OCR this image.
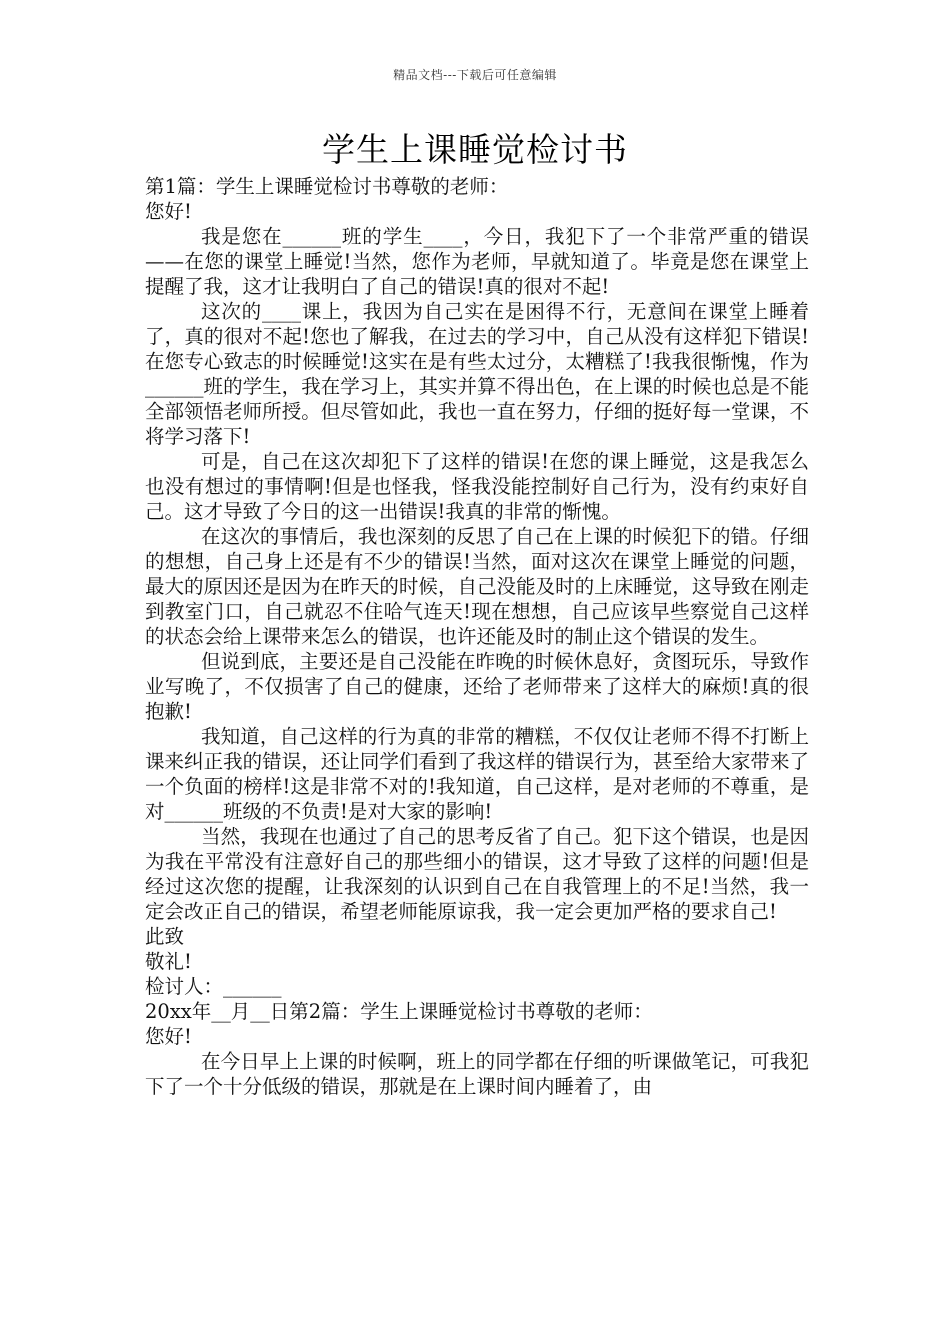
精品文档---下载后可任意编辑
学生上课睡觉检讨书

第1篇：学生上课睡觉检讨书尊敬的老师：

您好!

我是您在______班的学生____，今日，我犯下了一个非常严重的错误——在您的课堂上睡觉!当然，您作为老师，早就知道了。毕竟是您在课堂上提醒了我，这才让我明白了自己的错误!真的很对不起!

这次的____课上，我因为自己实在是困得不行，无意间在课堂上睡着了，真的很对不起!您也了解我，在过去的学习中，自己从没有这样犯下错误!在您专心致志的时候睡觉!这实在是有些太过分，太糟糕了!我我很惭愧，作为______班的学生，我在学习上，其实并算不得出色，在上课的时候也总是不能全部领悟老师所授。但尽管如此，我也一直在努力，仔细的挺好每一堂课，不将学习落下!

可是，自己在这次却犯下了这样的错误!在您的课上睡觉，这是我怎么也没有想过的事情啊!但是也怪我，怪我没能控制好自己行为，没有约束好自己。这才导致了今日的这一出错误!我真的非常的惭愧。

在这次的事情后，我也深刻的反思了自己在上课的时候犯下的错。仔细的想想，自己身上还是有不少的错误!当然，面对这次在课堂上睡觉的问题，最大的原因还是因为在昨天的时候，自己没能及时的上床睡觉，这导致在刚走到教室门口，自己就忍不住哈气连天!现在想想，自己应该早些察觉自己这样的状态会给上课带来怎么的错误，也许还能及时的制止这个错误的发生。

但说到底，主要还是自己没能在昨晚的时候休息好，贪图玩乐，导致作业写晚了，不仅损害了自己的健康，还给了老师带来了这样大的麻烦!真的很抱歉!

我知道，自己这样的行为真的非常的糟糕，不仅仅让老师不得不打断上课来纠正我的错误，还让同学们看到了我这样的错误行为，甚至给大家带来了一个负面的榜样!这是非常不对的!我知道，自己这样，是对老师的不尊重，是对______班级的不负责!是对大家的影响!

当然，我现在也通过了自己的思考反省了自己。犯下这个错误，也是因为我在平常没有注意好自己的那些细小的错误，这才导致了这样的问题!但是经过这次您的提醒，让我深刻的认识到自己在自我管理上的不足!当然，我一定会改正自己的错误，希望老师能原谅我，我一定会更加严格的要求自己!

此致

敬礼!

检讨人：______

20xx年__月__日第2篇：学生上课睡觉检讨书尊敬的老师：

您好!

在今日早上上课的时候啊，班上的同学都在仔细的听课做笔记，可我犯下了一个十分低级的错误，那就是在上课时间内睡着了，由
